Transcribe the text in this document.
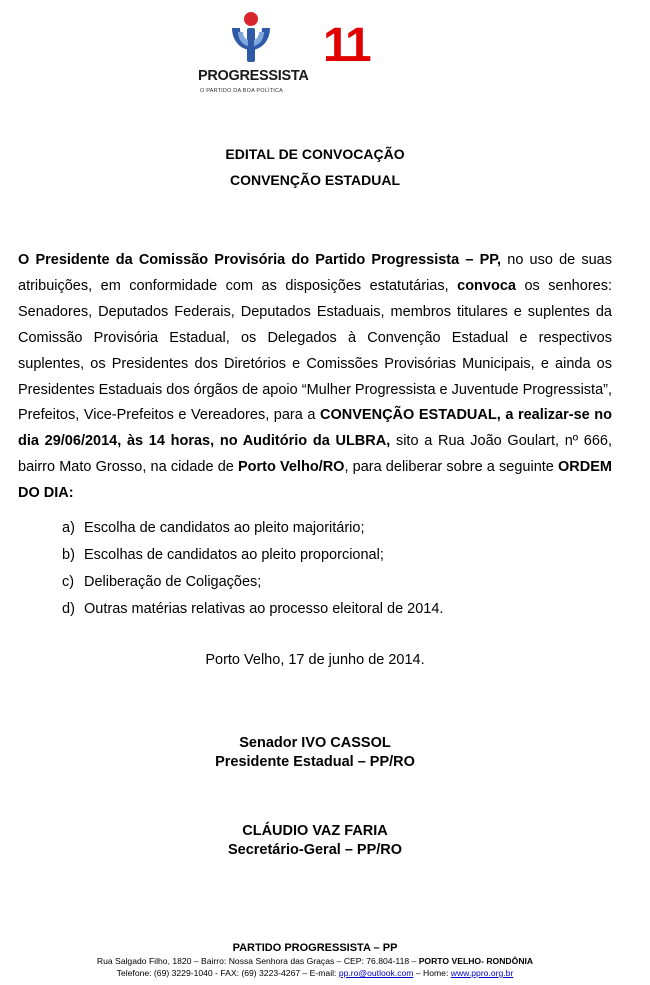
PROGRESSISTA
O PARTIDO DA BOA POLÍTICA
11
EDITAL DE CONVOCAÇÃO
CONVENÇÃO ESTADUAL

O Presidente da Comissão Provisória do Partido Progressista – PP, no uso de suas atribuições, em conformidade com as disposições estatutárias, convoca os senhores: Senadores, Deputados Federais, Deputados Estaduais, membros titulares e suplentes da Comissão Provisória Estadual, os Delegados à Convenção Estadual e respectivos suplentes, os Presidentes dos Diretórios e Comissões Provisórias Municipais, e ainda os Presidentes Estaduais dos órgãos de apoio “Mulher Progressista e Juventude Progressista”, Prefeitos, Vice-Prefeitos e Vereadores, para a CONVENÇÃO ESTADUAL, a realizar-se no dia 29/06/2014, às 14 horas, no Auditório da ULBRA, sito a Rua João Goulart, nº 666, bairro Mato Grosso, na cidade de Porto Velho/RO, para deliberar sobre a seguinte ORDEM DO DIA:

a) Escolha de candidatos ao pleito majoritário;
b) Escolhas de candidatos ao pleito proporcional;
c) Deliberação de Coligações;
d) Outras matérias relativas ao processo eleitoral de 2014.
Porto Velho, 17 de junho de 2014.
Senador IVO CASSOL
Presidente Estadual – PP/RO
CLÁUDIO VAZ FARIA
Secretário-Geral – PP/RO
PARTIDO PROGRESSISTA – PP
Rua Salgado Filho, 1820 – Bairro: Nossa Senhora das Graças – CEP: 76.804-118 – PORTO VELHO- RONDÔNIA
Telefone: (69) 3229-1040 - FAX: (69) 3223-4267 – E-mail: pp.ro@outlook.com – Home: www.ppro.org.br
